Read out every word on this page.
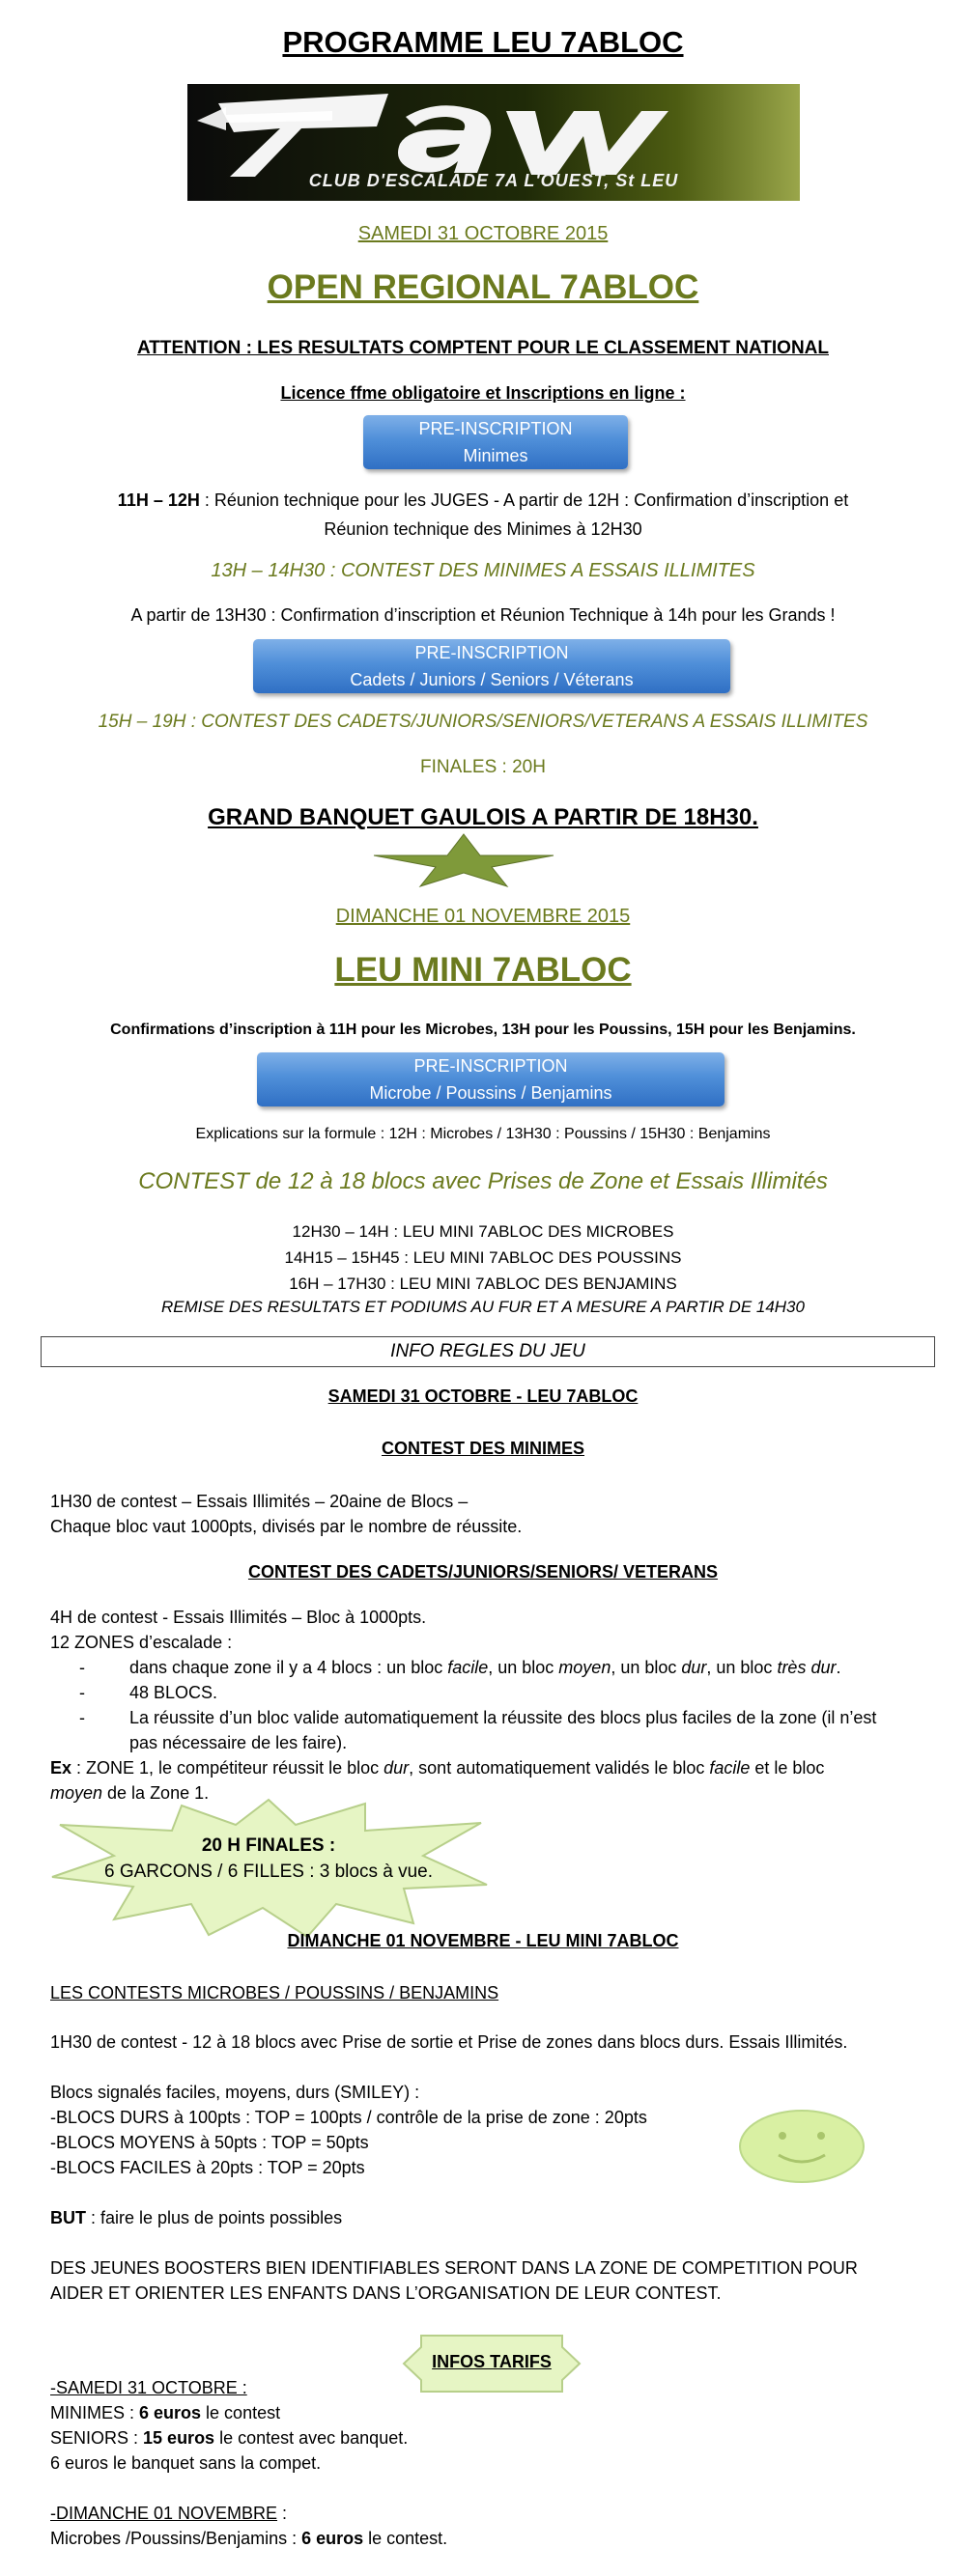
PROGRAMME LEU 7ABLOC
CLUB D'ESCALADE 7A L'OUEST, St LEU
SAMEDI 31 OCTOBRE 2015
OPEN REGIONAL 7ABLOC
ATTENTION : LES RESULTATS COMPTENT POUR LE CLASSEMENT NATIONAL
Licence ffme obligatoire et Inscriptions en ligne :
PRE-INSCRIPTION
Minimes
11H – 12H : Réunion technique pour les JUGES - A partir de 12H : Confirmation d’inscription et
Réunion technique des Minimes à 12H30
13H – 14H30 : CONTEST DES MINIMES A ESSAIS ILLIMITES
A partir de 13H30 : Confirmation d’inscription et Réunion Technique à 14h pour les Grands !
PRE-INSCRIPTION
Cadets / Juniors / Seniors / Véterans
15H – 19H : CONTEST DES CADETS/JUNIORS/SENIORS/VETERANS A ESSAIS ILLIMITES
FINALES : 20H
GRAND BANQUET GAULOIS A PARTIR DE 18H30.
DIMANCHE 01 NOVEMBRE 2015
LEU MINI 7ABLOC
Confirmations d’inscription à 11H pour les Microbes, 13H pour les Poussins, 15H pour les Benjamins.
PRE-INSCRIPTION
Microbe / Poussins / Benjamins
Explications sur la formule : 12H : Microbes / 13H30 : Poussins / 15H30 : Benjamins
CONTEST de 12 à 18 blocs avec Prises de Zone et Essais Illimités
12H30 – 14H : LEU MINI 7ABLOC DES MICROBES
14H15 – 15H45 : LEU MINI 7ABLOC DES POUSSINS
16H – 17H30 : LEU MINI 7ABLOC DES BENJAMINS
REMISE DES RESULTATS ET PODIUMS AU FUR ET A MESURE A PARTIR DE 14H30
INFO REGLES DU JEU
SAMEDI 31 OCTOBRE - LEU 7ABLOC
CONTEST DES MINIMES
1H30 de contest – Essais Illimités – 20aine de Blocs –
Chaque bloc vaut 1000pts, divisés par le nombre de réussite.
CONTEST DES CADETS/JUNIORS/SENIORS/ VETERANS
4H de contest - Essais Illimités – Bloc à 1000pts.
12 ZONES d’escalade :
-	dans chaque zone il y a 4 blocs : un bloc facile, un bloc moyen, un bloc dur, un bloc très dur.
-	48 BLOCS.
-	La réussite d’un bloc valide automatiquement la réussite des blocs plus faciles de la zone (il n’est
pas nécessaire de les faire).
Ex : ZONE 1, le compétiteur réussit le bloc dur, sont automatiquement validés le bloc facile et le bloc
moyen de la Zone 1.
20 H FINALES :
6 GARCONS / 6 FILLES : 3 blocs à vue.
DIMANCHE 01 NOVEMBRE - LEU MINI 7ABLOC
LES CONTESTS MICROBES / POUSSINS / BENJAMINS
1H30 de contest - 12 à 18 blocs avec Prise de sortie et Prise de zones dans blocs durs. Essais Illimités.
Blocs signalés faciles, moyens, durs (SMILEY) :
-BLOCS DURS à 100pts : TOP = 100pts / contrôle de la prise de zone : 20pts
-BLOCS MOYENS à 50pts : TOP = 50pts
-BLOCS FACILES à 20pts : TOP = 20pts
BUT : faire le plus de points possibles
DES JEUNES BOOSTERS BIEN IDENTIFIABLES SERONT DANS LA ZONE DE COMPETITION POUR
AIDER ET ORIENTER LES ENFANTS DANS L’ORGANISATION DE LEUR CONTEST.
INFOS TARIFS
-SAMEDI 31 OCTOBRE :
MINIMES : 6 euros le contest
SENIORS : 15 euros le contest avec banquet.
6 euros le banquet sans la compet.
-DIMANCHE 01 NOVEMBRE :
Microbes /Poussins/Benjamins : 6 euros le contest.
